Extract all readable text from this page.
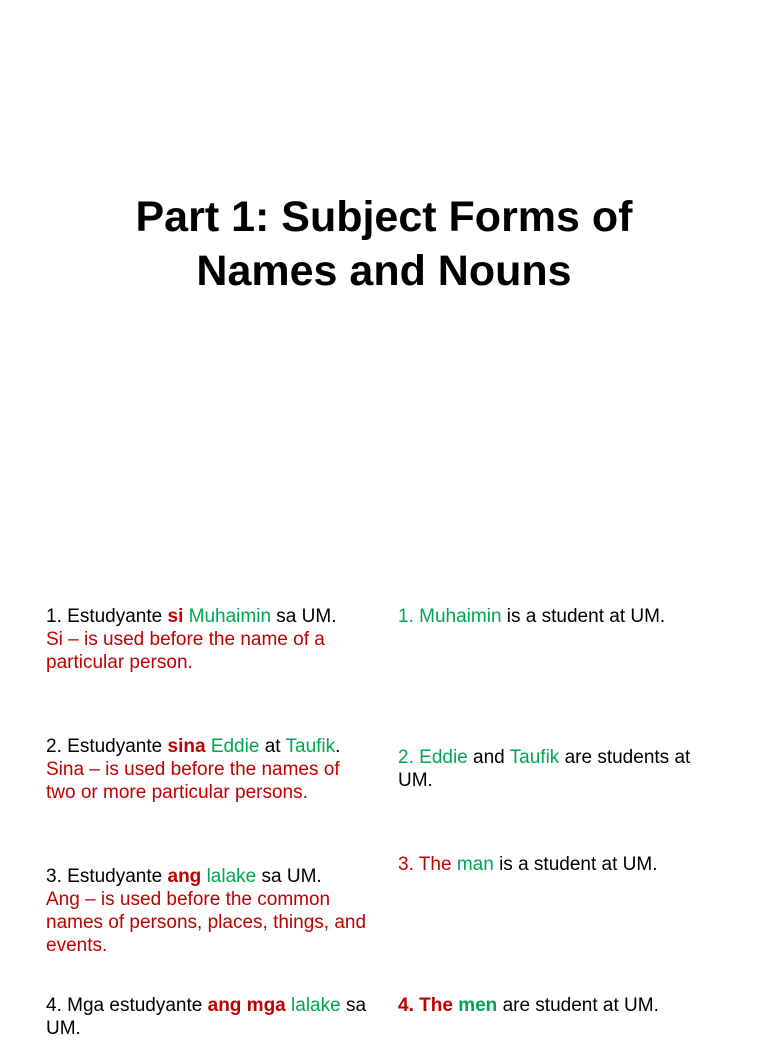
Part 1: Subject Forms of
Names and Nouns
1. Estudyante si Muhaimin sa UM.
Si – is used before the name of a particular person.
1. Muhaimin is a student at UM.
2. Estudyante sina Eddie at Taufik.
Sina – is used before the names of two or more particular persons.
2. Eddie and Taufik are students at UM.
3. Estudyante ang lalake sa UM.
Ang – is used before the common names of persons, places, things, and events.
3. The man is a student at UM.
4. Mga estudyante ang mga lalake sa UM.
4. The men are student at UM.
